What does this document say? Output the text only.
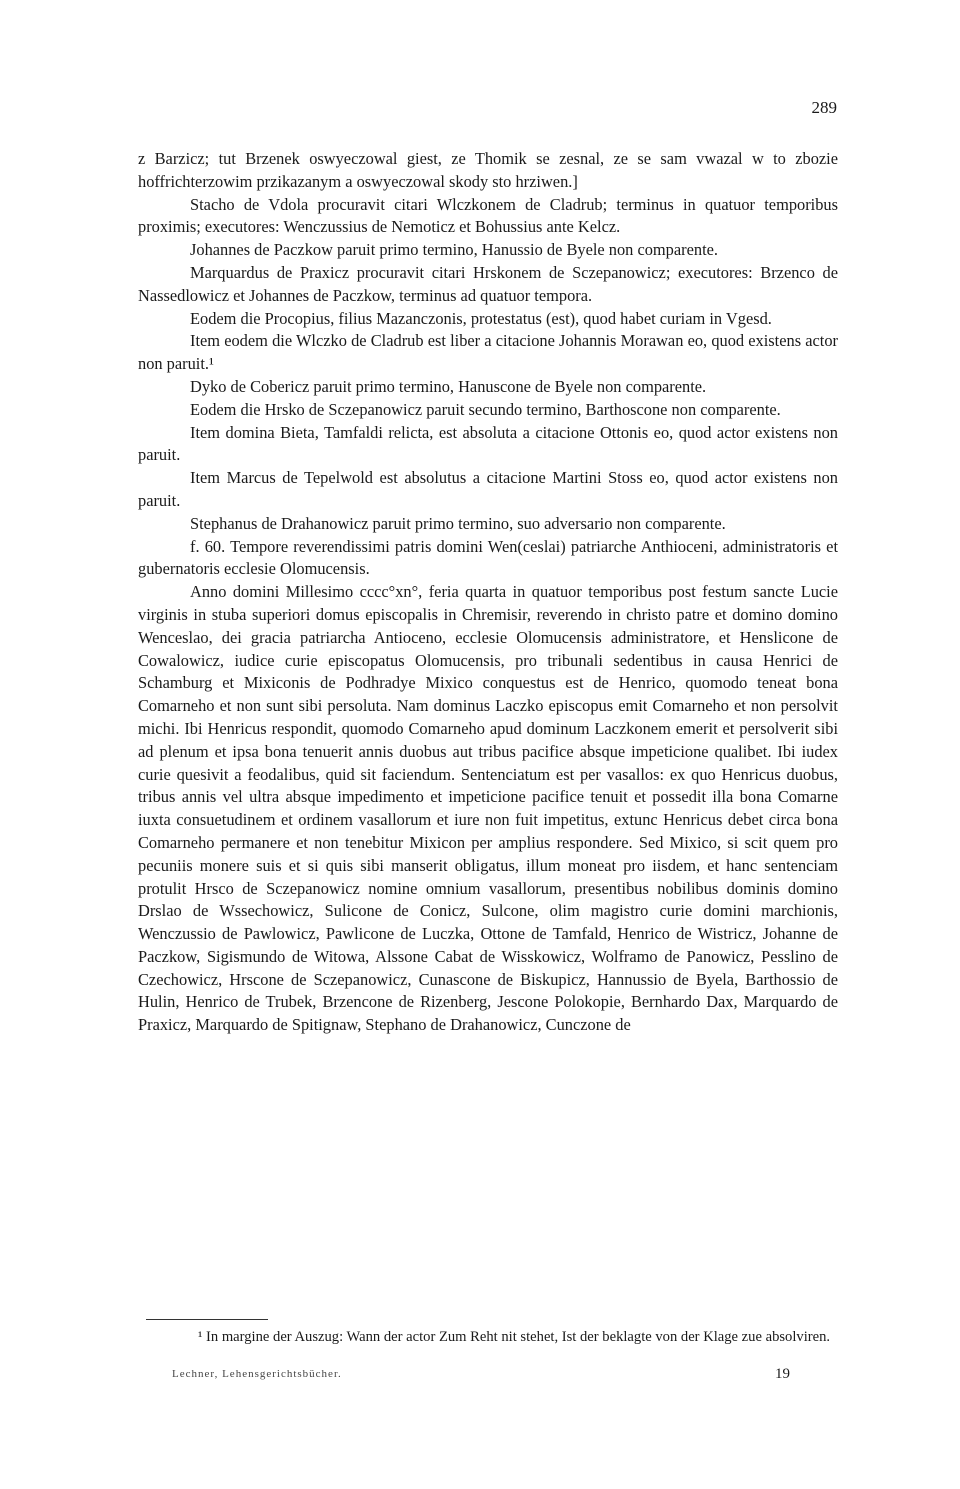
289

z Barzicz; tut Brzenek oswyeczowal giest, ze Thomik se zesnal, ze se sam vwazal w to zbozie hoffrichterzowim przikazanym a oswyeczowal skody sto hrziwen.]

Stacho de Vdola procuravit citari Wlczkonem de Cladrub; terminus in quatuor temporibus proximis; executores: Wenczussius de Nemoticz et Bohussius ante Kelcz.

Johannes de Paczkow paruit primo termino, Hanussio de Byele non comparente.

Marquardus de Praxicz procuravit citari Hrskonem de Sczepanowicz; executores: Brzenco de Nassedlowicz et Johannes de Paczkow, terminus ad quatuor tempora.

Eodem die Procopius, filius Mazanczonis, protestatus (est), quod habet curiam in Vgesd.

Item eodem die Wlczko de Cladrub est liber a citacione Johannis Morawan eo, quod existens actor non paruit.¹

Dyko de Cobericz paruit primo termino, Hanuscone de Byele non comparente.

Eodem die Hrsko de Sczepanowicz paruit secundo termino, Barthoscone non comparente.

Item domina Bieta, Tamfaldi relicta, est absoluta a citacione Ottonis eo, quod actor existens non paruit.

Item Marcus de Tepelwold est absolutus a citacione Martini Stoss eo, quod actor existens non paruit.

Stephanus de Drahanowicz paruit primo termino, suo adversario non comparente.

f. 60. Tempore reverendissimi patris domini Wen(ceslai) patriarche Anthioceni, administratoris et gubernatoris ecclesie Olomucensis.

Anno domini Millesimo cccc°xn°, feria quarta in quatuor temporibus post festum sancte Lucie virginis in stuba superiori domus episcopalis in Chremisir, reverendo in christo patre et domino domino Wenceslao, dei gracia patriarcha Antioceno, ecclesie Olomucensis administratore, et Henslicone de Cowalowicz, iudice curie episcopatus Olomucensis, pro tribunali sedentibus in causa Henrici de Schamburg et Mixiconis de Podhradye Mixico conquestus est de Henrico, quomodo teneat bona Comarneho et non sunt sibi persoluta. Nam dominus Laczko episcopus emit Comarneho et non persolvit michi. Ibi Henricus respondit, quomodo Comarneho apud dominum Laczkonem emerit et persolverit sibi ad plenum et ipsa bona tenuerit annis duobus aut tribus pacifice absque impeticione qualibet. Ibi iudex curie quesivit a feodalibus, quid sit faciendum. Sentenciatum est per vasallos: ex quo Henricus duobus, tribus annis vel ultra absque impedimento et impeticione pacifice tenuit et possedit illa bona Comarne iuxta consuetudinem et ordinem vasallorum et iure non fuit impetitus, extunc Henricus debet circa bona Comarneho permanere et non tenebitur Mixicon per amplius respondere. Sed Mixico, si scit quem pro pecuniis monere suis et si quis sibi manserit obligatus, illum moneat pro iisdem, et hanc sentenciam protulit Hrsco de Sczepanowicz nomine omnium vasallorum, presentibus nobilibus dominis domino Drslao de Wssechowicz, Sulicone de Conicz, Sulcone, olim magistro curie domini marchionis, Wenczussio de Pawlowicz, Pawlicone de Luczka, Ottone de Tamfald, Henrico de Wistricz, Johanne de Paczkow, Sigismundo de Witowa, Alssone Cabat de Wisskowicz, Wolframo de Panowicz, Pesslino de Czechowicz, Hrscone de Sczepanowicz, Cunascone de Biskupicz, Hannussio de Byela, Barthossio de Hulin, Henrico de Trubek, Brzencone de Rizenberg, Jescone Polokopie, Bernhardo Dax, Marquardo de Praxicz, Marquardo de Spitignaw, Stephano de Drahanowicz, Cunczone de

¹ In margine der Auszug: Wann der actor Zum Reht nit stehet, Ist der beklagte von der Klage zue absolviren.
Lechner, Lehensgerichtsbücher.	19
